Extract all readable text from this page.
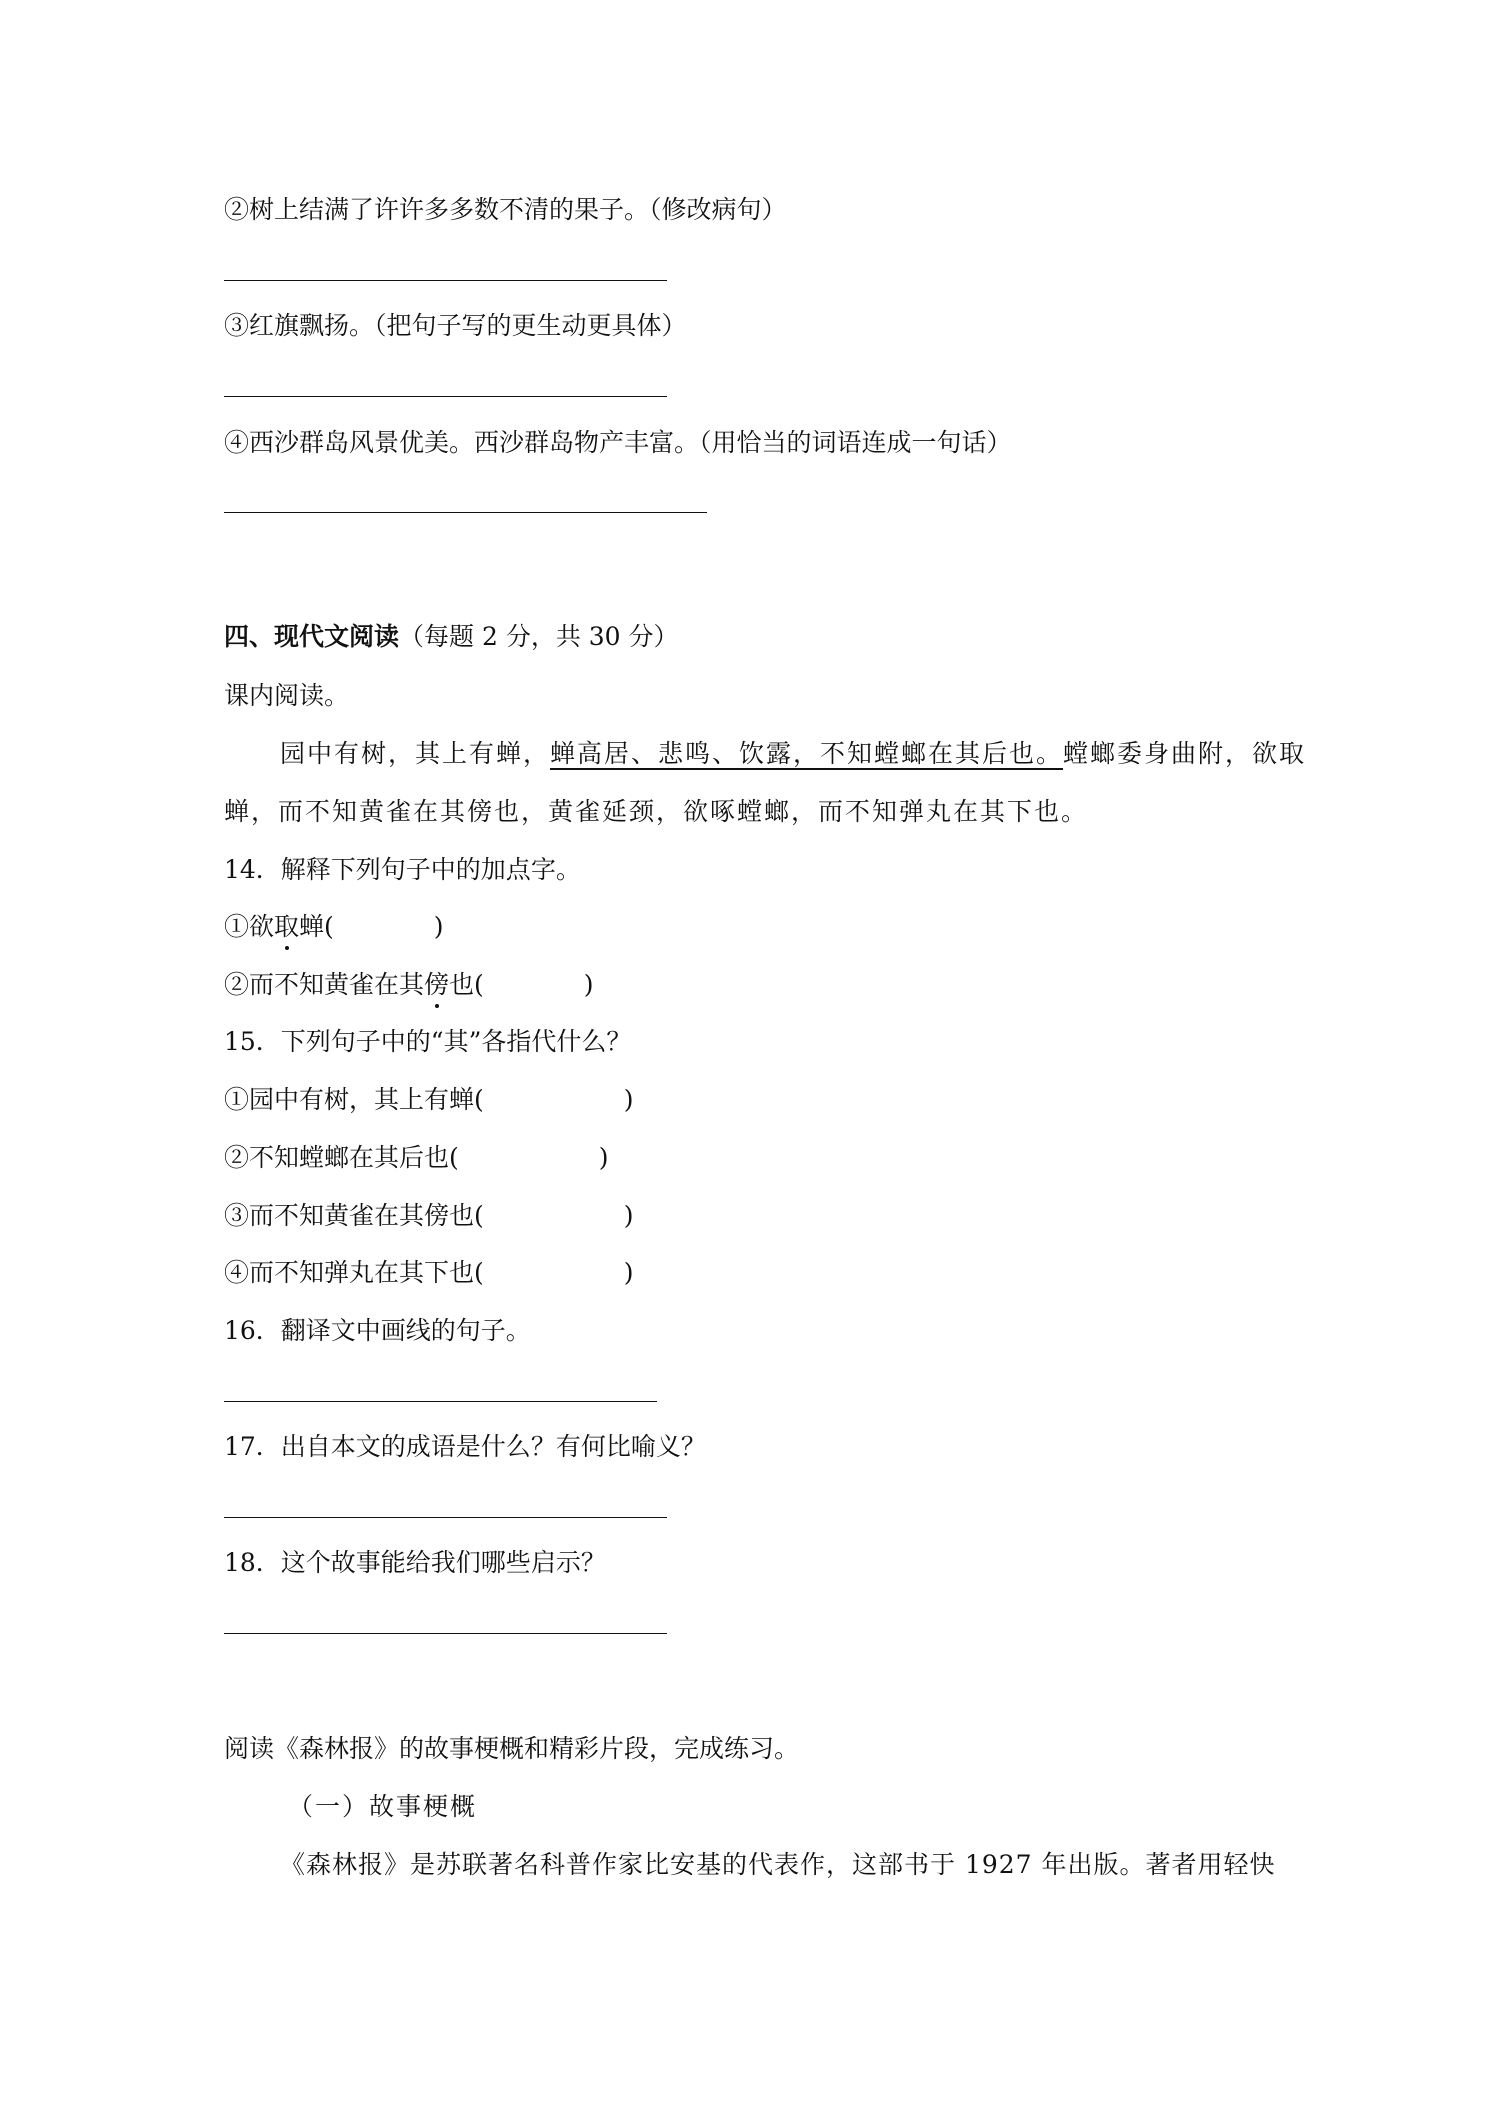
②树上结满了许许多多数不清的果子。（修改病句）
③红旗飘扬。（把句子写的更生动更具体）
④西沙群岛风景优美。西沙群岛物产丰富。（用恰当的词语连成一句话）
四、现代文阅读（每题 2 分，共 30 分）
课内阅读。
园中有树，其上有蝉，蝉高居、悲鸣、饮露，不知螳螂在其后也。螳螂委身曲附，欲取
蝉，而不知黄雀在其傍也，黄雀延颈，欲啄螳螂，而不知弹丸在其下也。
14．解释下列句子中的加点字。
①欲取蝉(	)
②而不知黄雀在其傍也(	)
15．下列句子中的“其”各指代什么？
①园中有树，其上有蝉(	)
②不知螳螂在其后也(	)
③而不知黄雀在其傍也(	)
④而不知弹丸在其下也(	)
16．翻译文中画线的句子。
17．出自本文的成语是什么？有何比喻义？
18．这个故事能给我们哪些启示？
阅读《森林报》的故事梗概和精彩片段，完成练习。
（一）故事梗概
《森林报》是苏联著名科普作家比安基的代表作，这部书于 1927 年出版。著者用轻快
